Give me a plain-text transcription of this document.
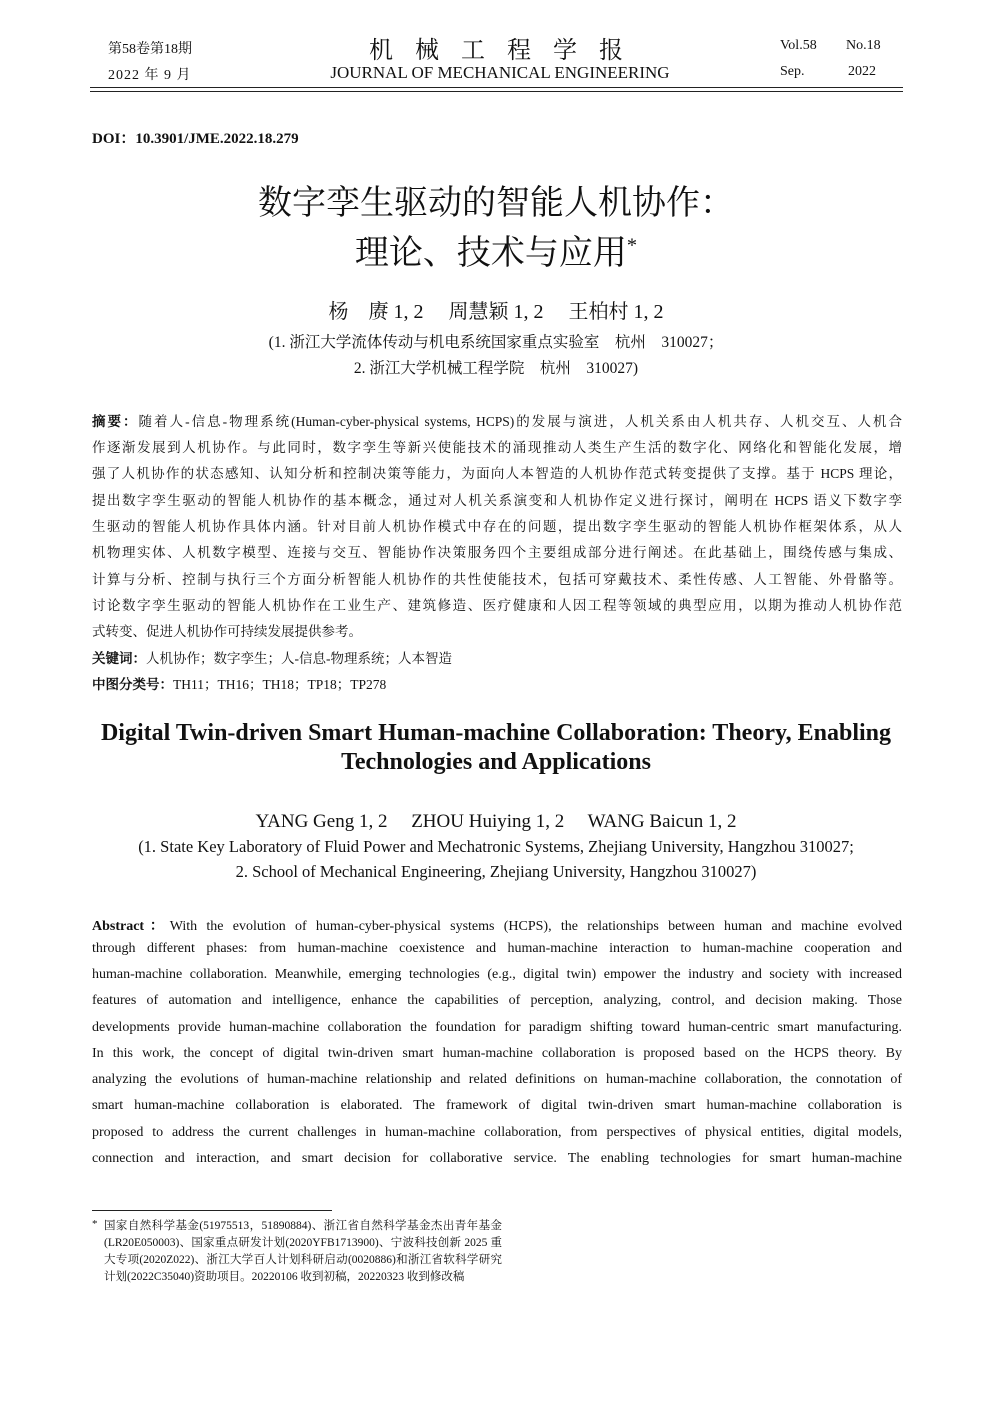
第58卷第18期
2022 年 9 月
机 械 工 程 学 报
JOURNAL OF MECHANICAL ENGINEERING
Vol.58 No.18
Sep.	2022
DOI：10.3901/JME.2022.18.279
数字孪生驱动的智能人机协作：
理论、技术与应用*
杨　赓 1, 2　 周慧颖 1, 2　 王柏村 1, 2
(1. 浙江大学流体传动与机电系统国家重点实验室　杭州　310027；
2. 浙江大学机械工程学院　杭州　310027)
摘要：随着人-信息-物理系统(Human-cyber-physical systems, HCPS)的发展与演进，人机关系由人机共存、人机交互、人机合
作逐渐发展到人机协作。与此同时，数字孪生等新兴使能技术的涌现推动人类生产生活的数字化、网络化和智能化发展，增
强了人机协作的状态感知、认知分析和控制决策等能力，为面向人本智造的人机协作范式转变提供了支撑。基于 HCPS 理论，
提出数字孪生驱动的智能人机协作的基本概念，通过对人机关系演变和人机协作定义进行探讨，阐明在 HCPS 语义下数字孪
生驱动的智能人机协作具体内涵。针对目前人机协作模式中存在的问题，提出数字孪生驱动的智能人机协作框架体系，从人
机物理实体、人机数字模型、连接与交互、智能协作决策服务四个主要组成部分进行阐述。在此基础上，围绕传感与集成、
计算与分析、控制与执行三个方面分析智能人机协作的共性使能技术，包括可穿戴技术、柔性传感、人工智能、外骨骼等。
讨论数字孪生驱动的智能人机协作在工业生产、建筑修造、医疗健康和人因工程等领域的典型应用，以期为推动人机协作范
式转变、促进人机协作可持续发展提供参考。
关键词：人机协作；数字孪生；人-信息-物理系统；人本智造
中图分类号：TH11；TH16；TH18；TP18；TP278
Digital Twin-driven Smart Human-machine Collaboration: Theory, Enabling
Technologies and Applications
YANG Geng 1, 2　 ZHOU Huiying 1, 2　 WANG Baicun 1, 2
(1. State Key Laboratory of Fluid Power and Mechatronic Systems, Zhejiang University, Hangzhou 310027;
2. School of Mechanical Engineering, Zhejiang University, Hangzhou 310027)
Abstract：With the evolution of human-cyber-physical systems (HCPS), the relationships between human and machine evolved
through different phases: from human-machine coexistence and human-machine interaction to human-machine cooperation and
human-machine collaboration. Meanwhile, emerging technologies (e.g., digital twin) empower the industry and society with increased
features of automation and intelligence, enhance the capabilities of perception, analyzing, control, and decision making. Those
developments provide human-machine collaboration the foundation for paradigm shifting toward human-centric smart manufacturing.
In this work, the concept of digital twin-driven smart human-machine collaboration is proposed based on the HCPS theory. By
analyzing the evolutions of human-machine relationship and related definitions on human-machine collaboration, the connotation of
smart human-machine collaboration is elaborated. The framework of digital twin-driven smart human-machine collaboration is
proposed to address the current challenges in human-machine collaboration, from perspectives of physical entities, digital models,
connection and interaction, and smart decision for collaborative service. The enabling technologies for smart human-machine
* 国家自然科学基金(51975513，51890884)、浙江省自然科学基金杰出青年基金(LR20E050003)、国家重点研发计划(2020YFB1713900)、宁波科技创新 2025 重大专项(2020Z022)、浙江大学百人计划科研启动(0020886)和浙江省软科学研究计划(2022C35040)资助项目。20220106 收到初稿，20220323 收到修改稿
